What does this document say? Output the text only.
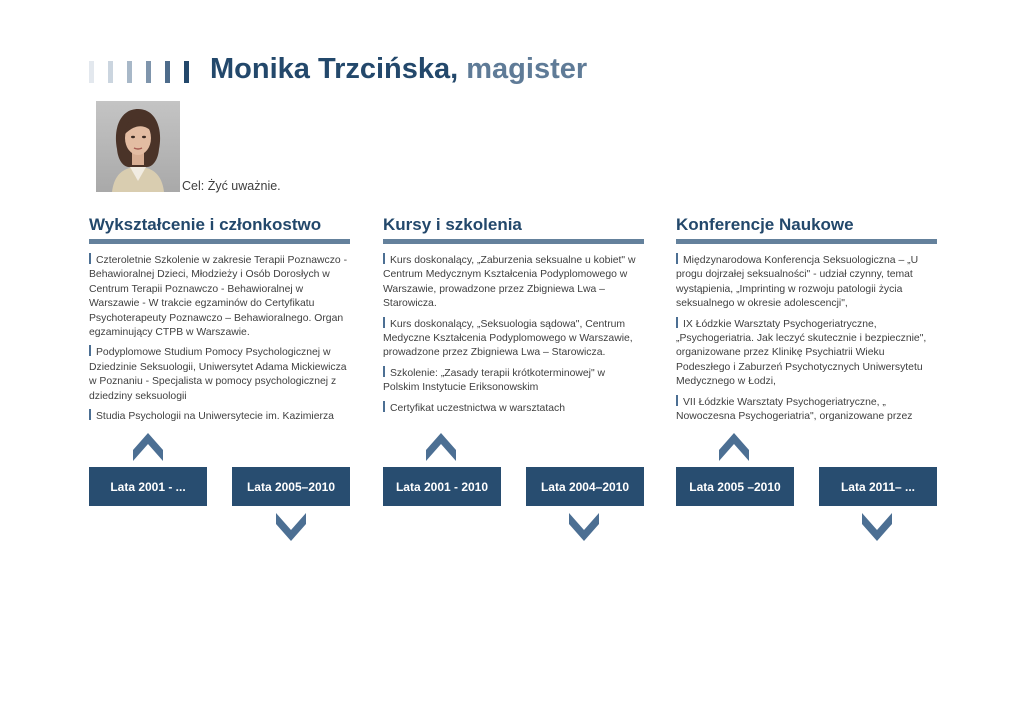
Monika Trzcińska, magister
Cel: Żyć uważnie.
Wykształcenie i członkostwo

Czteroletnie Szkolenie w zakresie Terapii Poznawczo - Behawioralnej Dzieci, Młodzieży i Osób Dorosłych w Centrum Terapii Poznawczo - Behawioralnej w Warszawie - W trakcie egzaminów do Certyfikatu Psychoterapeuty Poznawczo – Behawioralnego. Organ egzaminujący CTPB w Warszawie.

Podyplomowe Studium Pomocy Psychologicznej w Dziedzinie Seksuologii, Uniwersytet Adama Mickiewicza w Poznaniu - Specjalista w pomocy psychologicznej z dziedziny seksuologii

Studia Psychologii na Uniwersytecie im. Kazimierza

Kursy i szkolenia

Kurs doskonalący, „Zaburzenia seksualne u kobiet" w Centrum Medycznym Kształcenia Podyplomowego w Warszawie, prowadzone przez Zbigniewa Lwa – Starowicza.

Kurs doskonalący, „Seksuologia sądowa", Centrum Medyczne Kształcenia Podyplomowego w Warszawie, prowadzone przez Zbigniewa Lwa – Starowicza.

Szkolenie: „Zasady terapii krótkoterminowej" w Polskim Instytucie Eriksonowskim

Certyfikat uczestnictwa w warsztatach

Konferencje Naukowe

Międzynarodowa Konferencja Seksuologiczna – „U progu dojrzałej seksualności" - udział czynny, temat wystąpienia, „Imprinting w rozwoju patologii życia seksualnego w okresie adolescencji",

IX Łódzkie Warsztaty Psychogeriatryczne, „Psychogeriatria. Jak leczyć skutecznie i bezpiecznie", organizowane przez Klinikę Psychiatrii Wieku Podeszłego i Zaburzeń Psychotycznych Uniwersytetu Medycznego w Łodzi,

VII Łódzkie Warsztaty Psychogeriatryczne, „ Nowoczesna Psychogeriatria", organizowane przez

Lata 2001 - ...	Lata 2005–2010	Lata 2001 - 2010	Lata 2004–2010	Lata 2005 –2010	Lata 2011– ...
